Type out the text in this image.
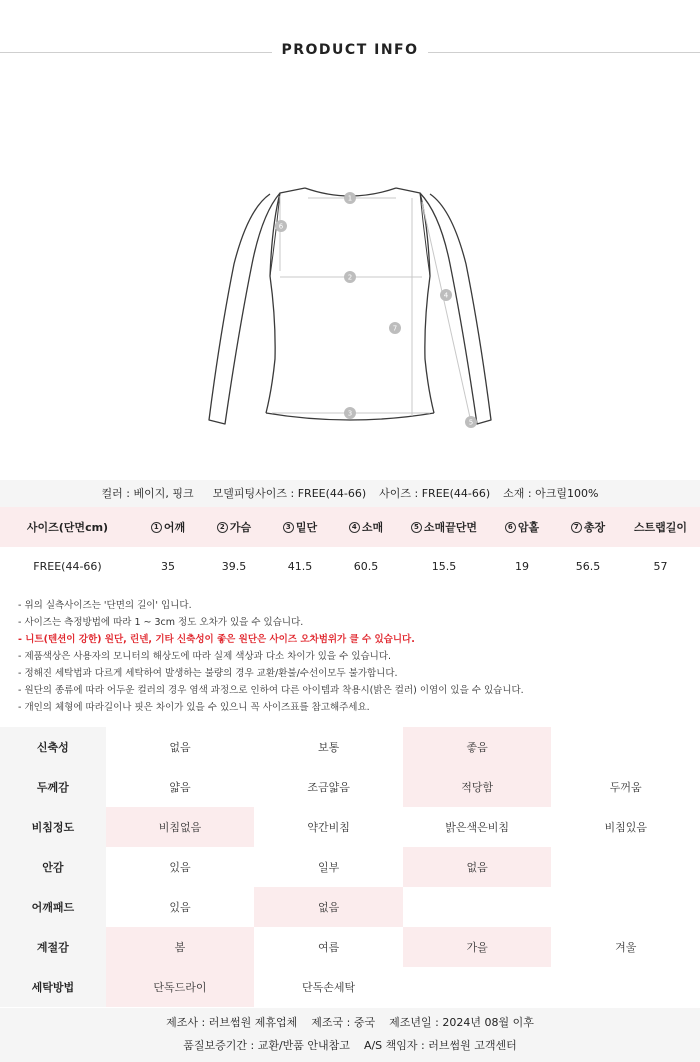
PRODUCT INFO
1
2
3
4
5
6
7
컬러 : 베이지, 핑크 모델피팅사이즈 : FREE(44-66) 사이즈 : FREE(44-66) 소재 : 아크릴100%
사이즈(단면cm)	1 어깨	2 가슴	3 밑단	4 소매	5 소매끝단면	6 암홀	7 총장	스트랩길이
FREE(44-66)	35	39.5	41.5	60.5	15.5	19	56.5	57
- 위의 실측사이즈는 '단면의 길이' 입니다.
- 사이즈는 측정방법에 따라 1 ~ 3cm 정도 오차가 있을 수 있습니다.
- 니트(텐션이 강한) 원단, 린넨, 기타 신축성이 좋은 원단은 사이즈 오차범위가 클 수 있습니다.
- 제품색상은 사용자의 모니터의 해상도에 따라 실제 색상과 다소 차이가 있을 수 있습니다.
- 정해진 세탁법과 다르게 세탁하여 발생하는 불량의 경우 교환/환불/수선이모두 불가합니다.
- 원단의 종류에 따라 어두운 컬러의 경우 염색 과정으로 인하여 다른 아이템과 착용시(밝은 컬러) 이염이 있을 수 있습니다.
- 개인의 체형에 따라길이나 핏은 차이가 있을 수 있으니 꼭 사이즈표를 참고해주세요.
신축성	없음	보통	좋음
두께감	얇음	조금얇음	적당함	두꺼움
비침정도	비침없음	약간비침	밝은색은비침	비침있음
안감	있음	일부	없음
어깨패드	있음	없음
계절감	봄	여름	가을	겨울
세탁방법	단독드라이	단독손세탁
제조사 : 러브썸원 제휴업체 제조국 : 중국 제조년일 : 2024년 08월 이후
품질보증기간 : 교환/반품 안내참고 A/S 책임자 : 러브썸원 고객센터
